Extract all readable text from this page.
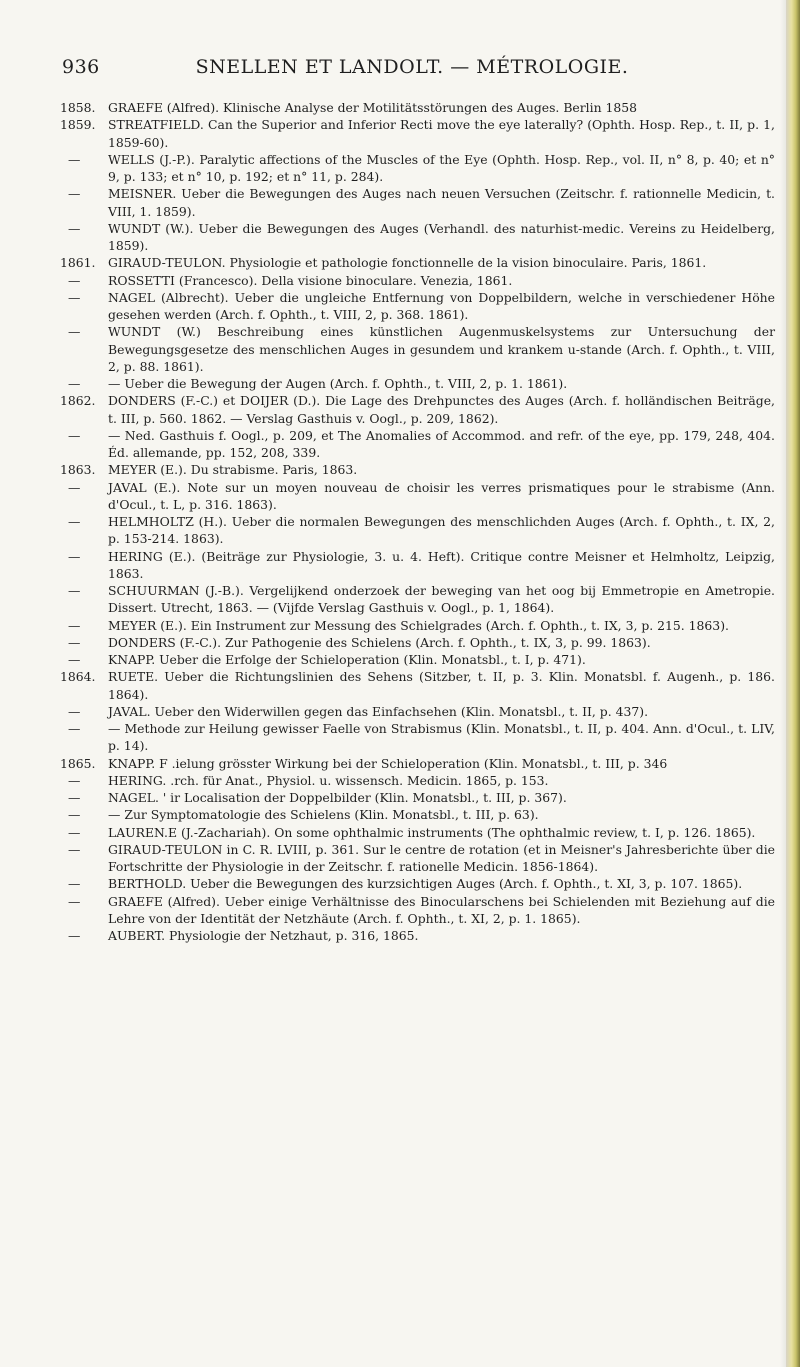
936	SNELLEN ET LANDOLT. — MÉTROLOGIE.
1858.	GRAEFE (Alfred). Klinische Analyse der Motilitätsstörungen des Auges. Berlin 1858
1859.	STREATFIELD. Can the Superior and Inferior Recti move the eye laterally? (Ophth. Hosp. Rep., t. II, p. 1, 1859-60).
—	WELLS (J.-P.). Paralytic affections of the Muscles of the Eye (Ophth. Hosp. Rep., vol. II, n° 8, p. 40; et n° 9, p. 133; et n° 10, p. 192; et n° 11, p. 284).
—	MEISNER. Ueber die Bewegungen des Auges nach neuen Versuchen (Zeitschr. f. rationnelle Medicin, t. VIII, 1. 1859).
—	WUNDT (W.). Ueber die Bewegungen des Auges (Verhandl. des naturhist-medic. Vereins zu Heidelberg, 1859).
1861.	GIRAUD-TEULON. Physiologie et pathologie fonctionnelle de la vision binoculaire. Paris, 1861.
—	ROSSETTI (Francesco). Della visione binoculare. Venezia, 1861.
—	NAGEL (Albrecht). Ueber die ungleiche Entfernung von Doppelbildern, welche in verschiedener Höhe gesehen werden (Arch. f. Ophth., t. VIII, 2, p. 368. 1861).
—	WUNDT (W.) Beschreibung eines künstlichen Augenmuskelsystems zur Untersuchung der Bewegungsgesetze des menschlichen Auges in gesundem und krankem u-stande (Arch. f. Ophth., t. VIII, 2, p. 88. 1861).
—	— Ueber die Bewegung der Augen (Arch. f. Ophth., t. VIII, 2, p. 1. 1861).
1862.	DONDERS (F.-C.) et DOIJER (D.). Die Lage des Drehpunctes des Auges (Arch. f. holländischen Beiträge, t. III, p. 560. 1862. — Verslag Gasthuis v. Oogl., p. 209, 1862).
—	— Ned. Gasthuis f. Oogl., p. 209, et The Anomalies of Accommod. and refr. of the eye, pp. 179, 248, 404. Éd. allemande, pp. 152, 208, 339.
1863.	MEYER (E.). Du strabisme. Paris, 1863.
—	JAVAL (E.). Note sur un moyen nouveau de choisir les verres prismatiques pour le strabisme (Ann. d'Ocul., t. L, p. 316. 1863).
—	HELMHOLTZ (H.). Ueber die normalen Bewegungen des menschlichden Auges (Arch. f. Ophth., t. IX, 2, p. 153-214. 1863).
—	HERING (E.). (Beiträge zur Physiologie, 3. u. 4. Heft). Critique contre Meisner et Helmholtz, Leipzig, 1863.
—	SCHUURMAN (J.-B.). Vergelijkend onderzoek der beweging van het oog bij Emmetropie en Ametropie. Dissert. Utrecht, 1863. — (Vijfde Verslag Gasthuis v. Oogl., p. 1, 1864).
—	MEYER (E.). Ein Instrument zur Messung des Schielgrades (Arch. f. Ophth., t. IX, 3, p. 215. 1863).
—	DONDERS (F.-C.). Zur Pathogenie des Schielens (Arch. f. Ophth., t. IX, 3, p. 99. 1863).
—	KNAPP. Ueber die Erfolge der Schieloperation (Klin. Monatsbl., t. I, p. 471).
1864.	RUETE. Ueber die Richtungslinien des Sehens (Sitzber, t. II, p. 3. Klin. Monatsbl. f. Augenh., p. 186. 1864).
—	JAVAL. Ueber den Widerwillen gegen das Einfachsehen (Klin. Monatsbl., t. II, p. 437).
—	— Methode zur Heilung gewisser Faelle von Strabismus (Klin. Monatsbl., t. II, p. 404. Ann. d'Ocul., t. LIV, p. 14).
1865.	KNAPP. F .ielung grösster Wirkung bei der Schieloperation (Klin. Monatsbl., t. III, p. 346
—	HERING. .rch. für Anat., Physiol. u. wissensch. Medicin. 1865, p. 153.
—	NAGEL. ' ir Localisation der Doppelbilder (Klin. Monatsbl., t. III, p. 367).
—	— Zur Symptomatologie des Schielens (Klin. Monatsbl., t. III, p. 63).
—	LAUREN.E (J.-Zachariah). On some ophthalmic instruments (The ophthalmic review, t. I, p. 126. 1865).
—	GIRAUD-TEULON in C. R. LVIII, p. 361. Sur le centre de rotation (et in Meisner's Jahresberichte über die Fortschritte der Physiologie in der Zeitschr. f. rationelle Medicin. 1856-1864).
—	BERTHOLD. Ueber die Bewegungen des kurzsichtigen Auges (Arch. f. Ophth., t. XI, 3, p. 107. 1865).
—	GRAEFE (Alfred). Ueber einige Verhältnisse des Binocularschens bei Schielenden mit Beziehung auf die Lehre von der Identität der Netzhäute (Arch. f. Ophth., t. XI, 2, p. 1. 1865).
—	AUBERT. Physiologie der Netzhaut, p. 316, 1865.
